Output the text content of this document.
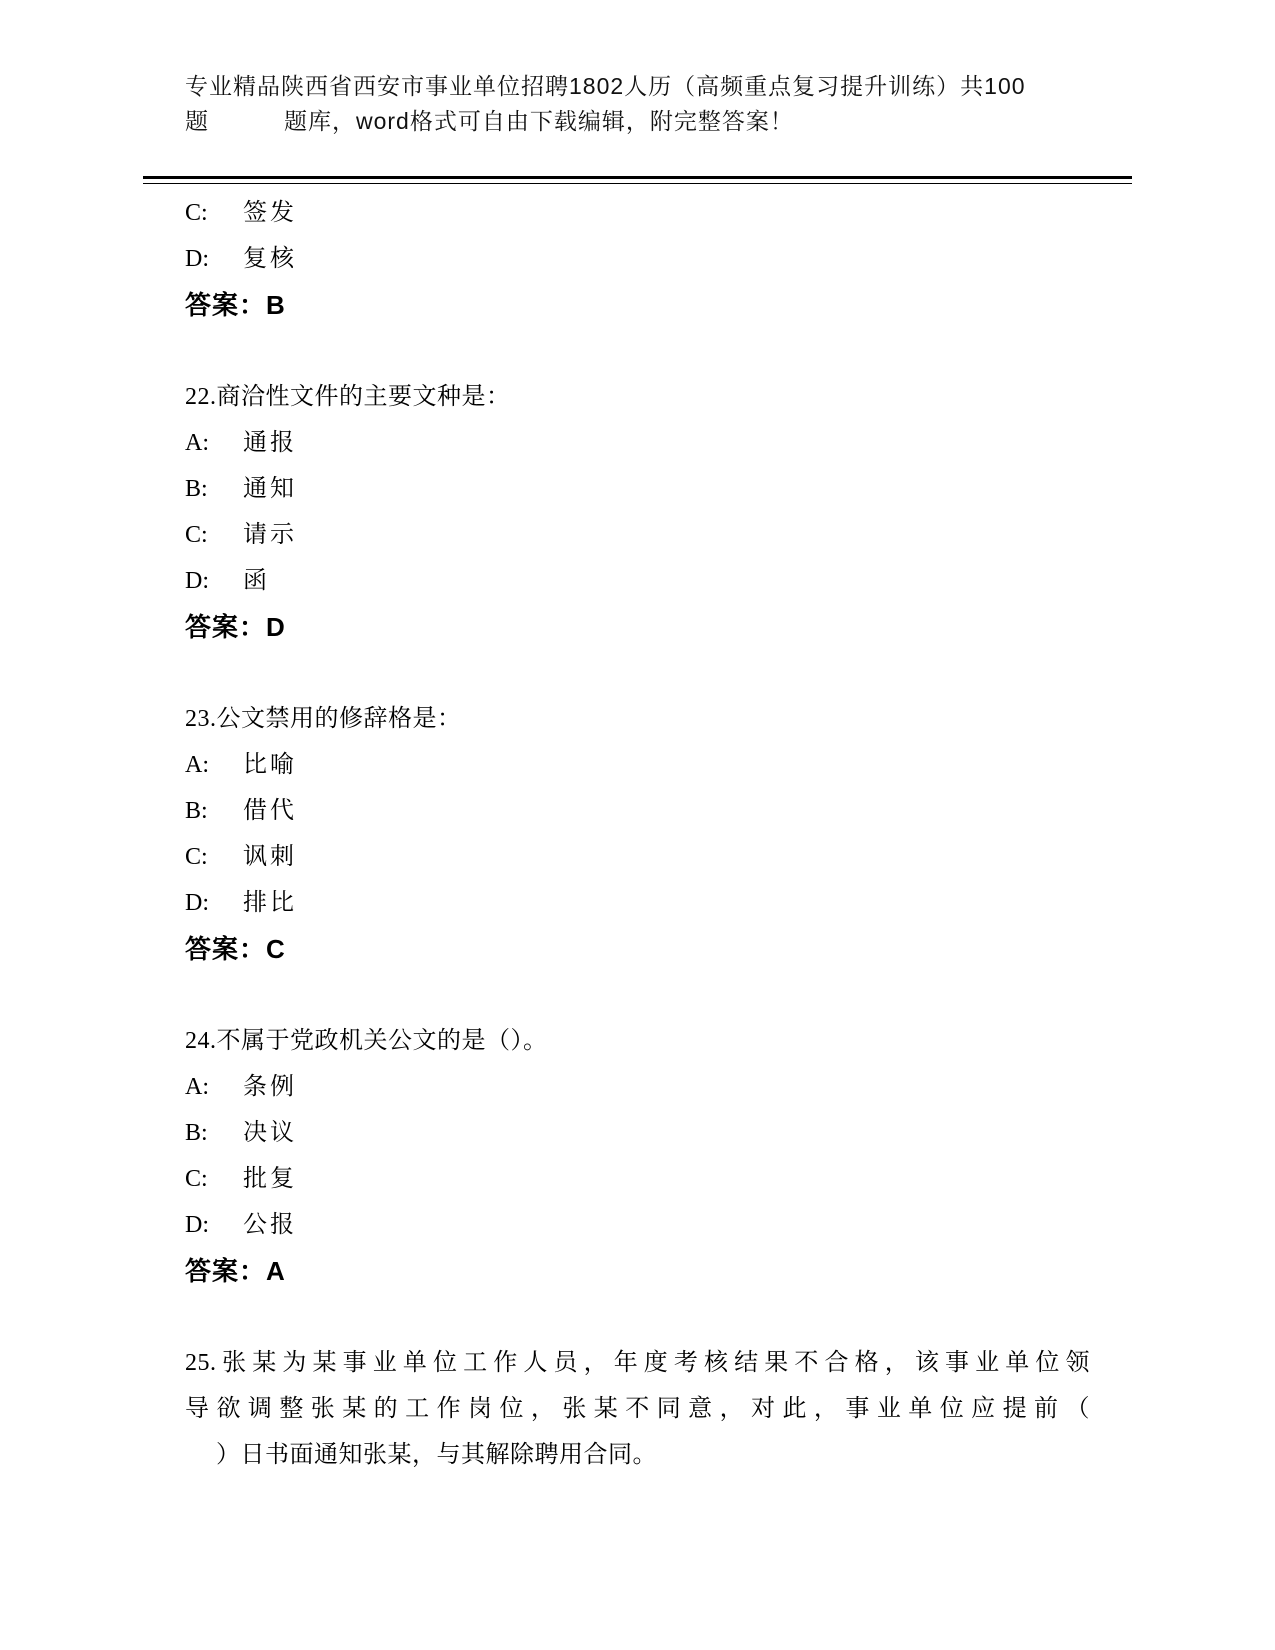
专业精品陕西省西安市事业单位招聘1802人历（高频重点复习提升训练）共100
题	题库，word格式可自由下载编辑，附完整答案！
C:	签发
D:	复核
答案：B
22.商洽性文件的主要文种是：
A:	通报
B:	通知
C:	请示
D:	函
答案：D
23.公文禁用的修辞格是：
A:	比喻
B:	借代
C:	讽刺
D:	排比
答案：C
24.不属于党政机关公文的是（）。
A:	条例
B:	决议
C:	批复
D:	公报
答案：A
25.张某为某事业单位工作人员，年度考核结果不合格，该事业单位领
导欲调整张某的工作岗位，张某不同意，对此，事业单位应提前（
）日书面通知张某，与其解除聘用合同。
